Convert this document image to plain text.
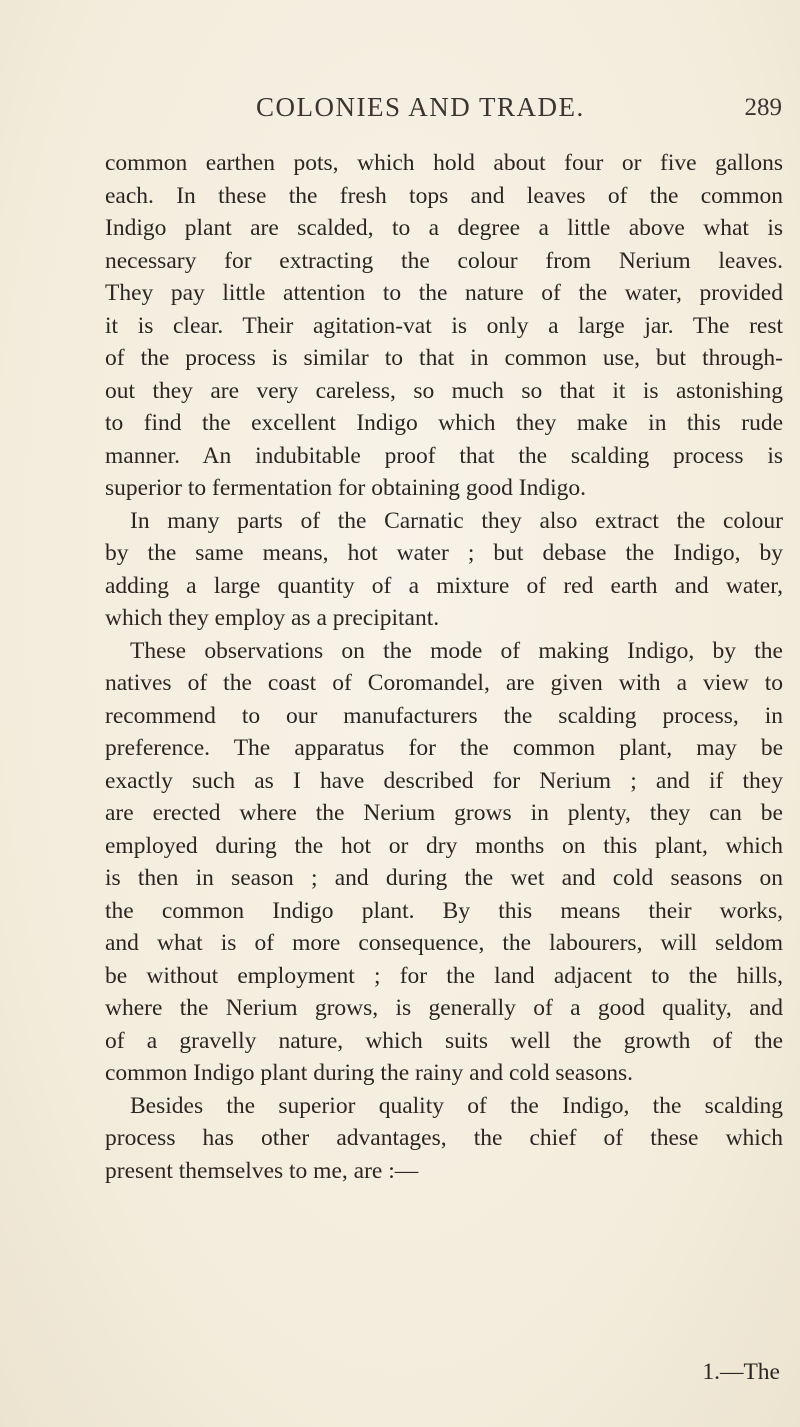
COLONIES AND TRADE.	289
common earthen pots, which hold about four or five gallons
each. In these the fresh tops and leaves of the common
Indigo plant are scalded, to a degree a little above what is
necessary for extracting the colour from Nerium leaves.
They pay little attention to the nature of the water, provided
it is clear. Their agitation-vat is only a large jar. The rest
of the process is similar to that in common use, but through-
out they are very careless, so much so that it is astonishing
to find the excellent Indigo which they make in this rude
manner. An indubitable proof that the scalding process is
superior to fermentation for obtaining good Indigo.
In many parts of the Carnatic they also extract the colour
by the same means, hot water ; but debase the Indigo, by
adding a large quantity of a mixture of red earth and water,
which they employ as a precipitant.
These observations on the mode of making Indigo, by the
natives of the coast of Coromandel, are given with a view to
recommend to our manufacturers the scalding process, in
preference. The apparatus for the common plant, may be
exactly such as I have described for Nerium ; and if they
are erected where the Nerium grows in plenty, they can be
employed during the hot or dry months on this plant, which
is then in season ; and during the wet and cold seasons on
the common Indigo plant. By this means their works,
and what is of more consequence, the labourers, will seldom
be without employment ; for the land adjacent to the hills,
where the Nerium grows, is generally of a good quality, and
of a gravelly nature, which suits well the growth of the
common Indigo plant during the rainy and cold seasons.
Besides the superior quality of the Indigo, the scalding
process has other advantages, the chief of these which
present themselves to me, are :—
1.—The
